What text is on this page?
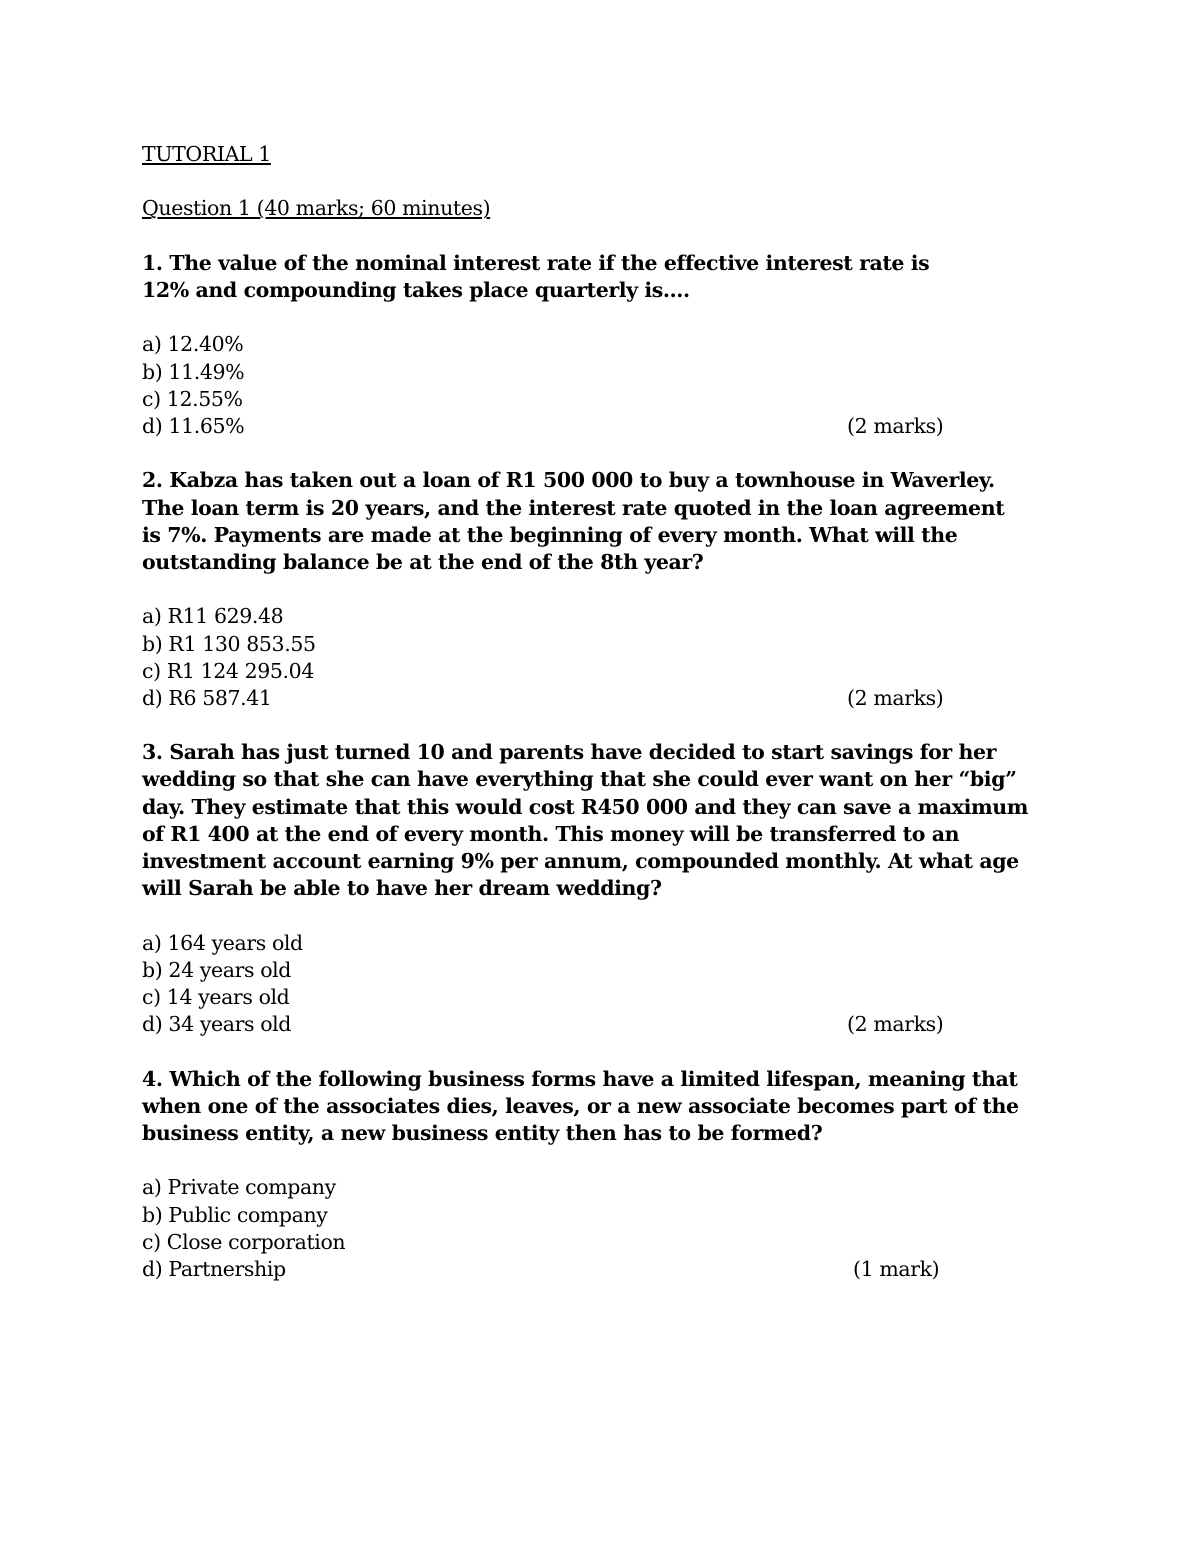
TUTORIAL 1

Question 1 (40 marks; 60 minutes)

1. The value of the nominal interest rate if the effective interest rate is 12% and compounding takes place quarterly is….

a) 12.40%
b) 11.49%
c) 12.55%
d) 11.65%	(2 marks)

2. Kabza has taken out a loan of R1 500 000 to buy a townhouse in Waverley. The loan term is 20 years, and the interest rate quoted in the loan agreement is 7%. Payments are made at the beginning of every month. What will the outstanding balance be at the end of the 8th year?

a) R11 629.48
b) R1 130 853.55
c) R1 124 295.04
d) R6 587.41	(2 marks)

3. Sarah has just turned 10 and parents have decided to start savings for her wedding so that she can have everything that she could ever want on her “big” day. They estimate that this would cost R450 000 and they can save a maximum of R1 400 at the end of every month. This money will be transferred to an investment account earning 9% per annum, compounded monthly. At what age will Sarah be able to have her dream wedding?

a) 164 years old
b) 24 years old
c) 14 years old
d) 34 years old	(2 marks)

4. Which of the following business forms have a limited lifespan, meaning that when one of the associates dies, leaves, or a new associate becomes part of the business entity, a new business entity then has to be formed?

a) Private company
b) Public company
c) Close corporation
d) Partnership	(1 mark)
